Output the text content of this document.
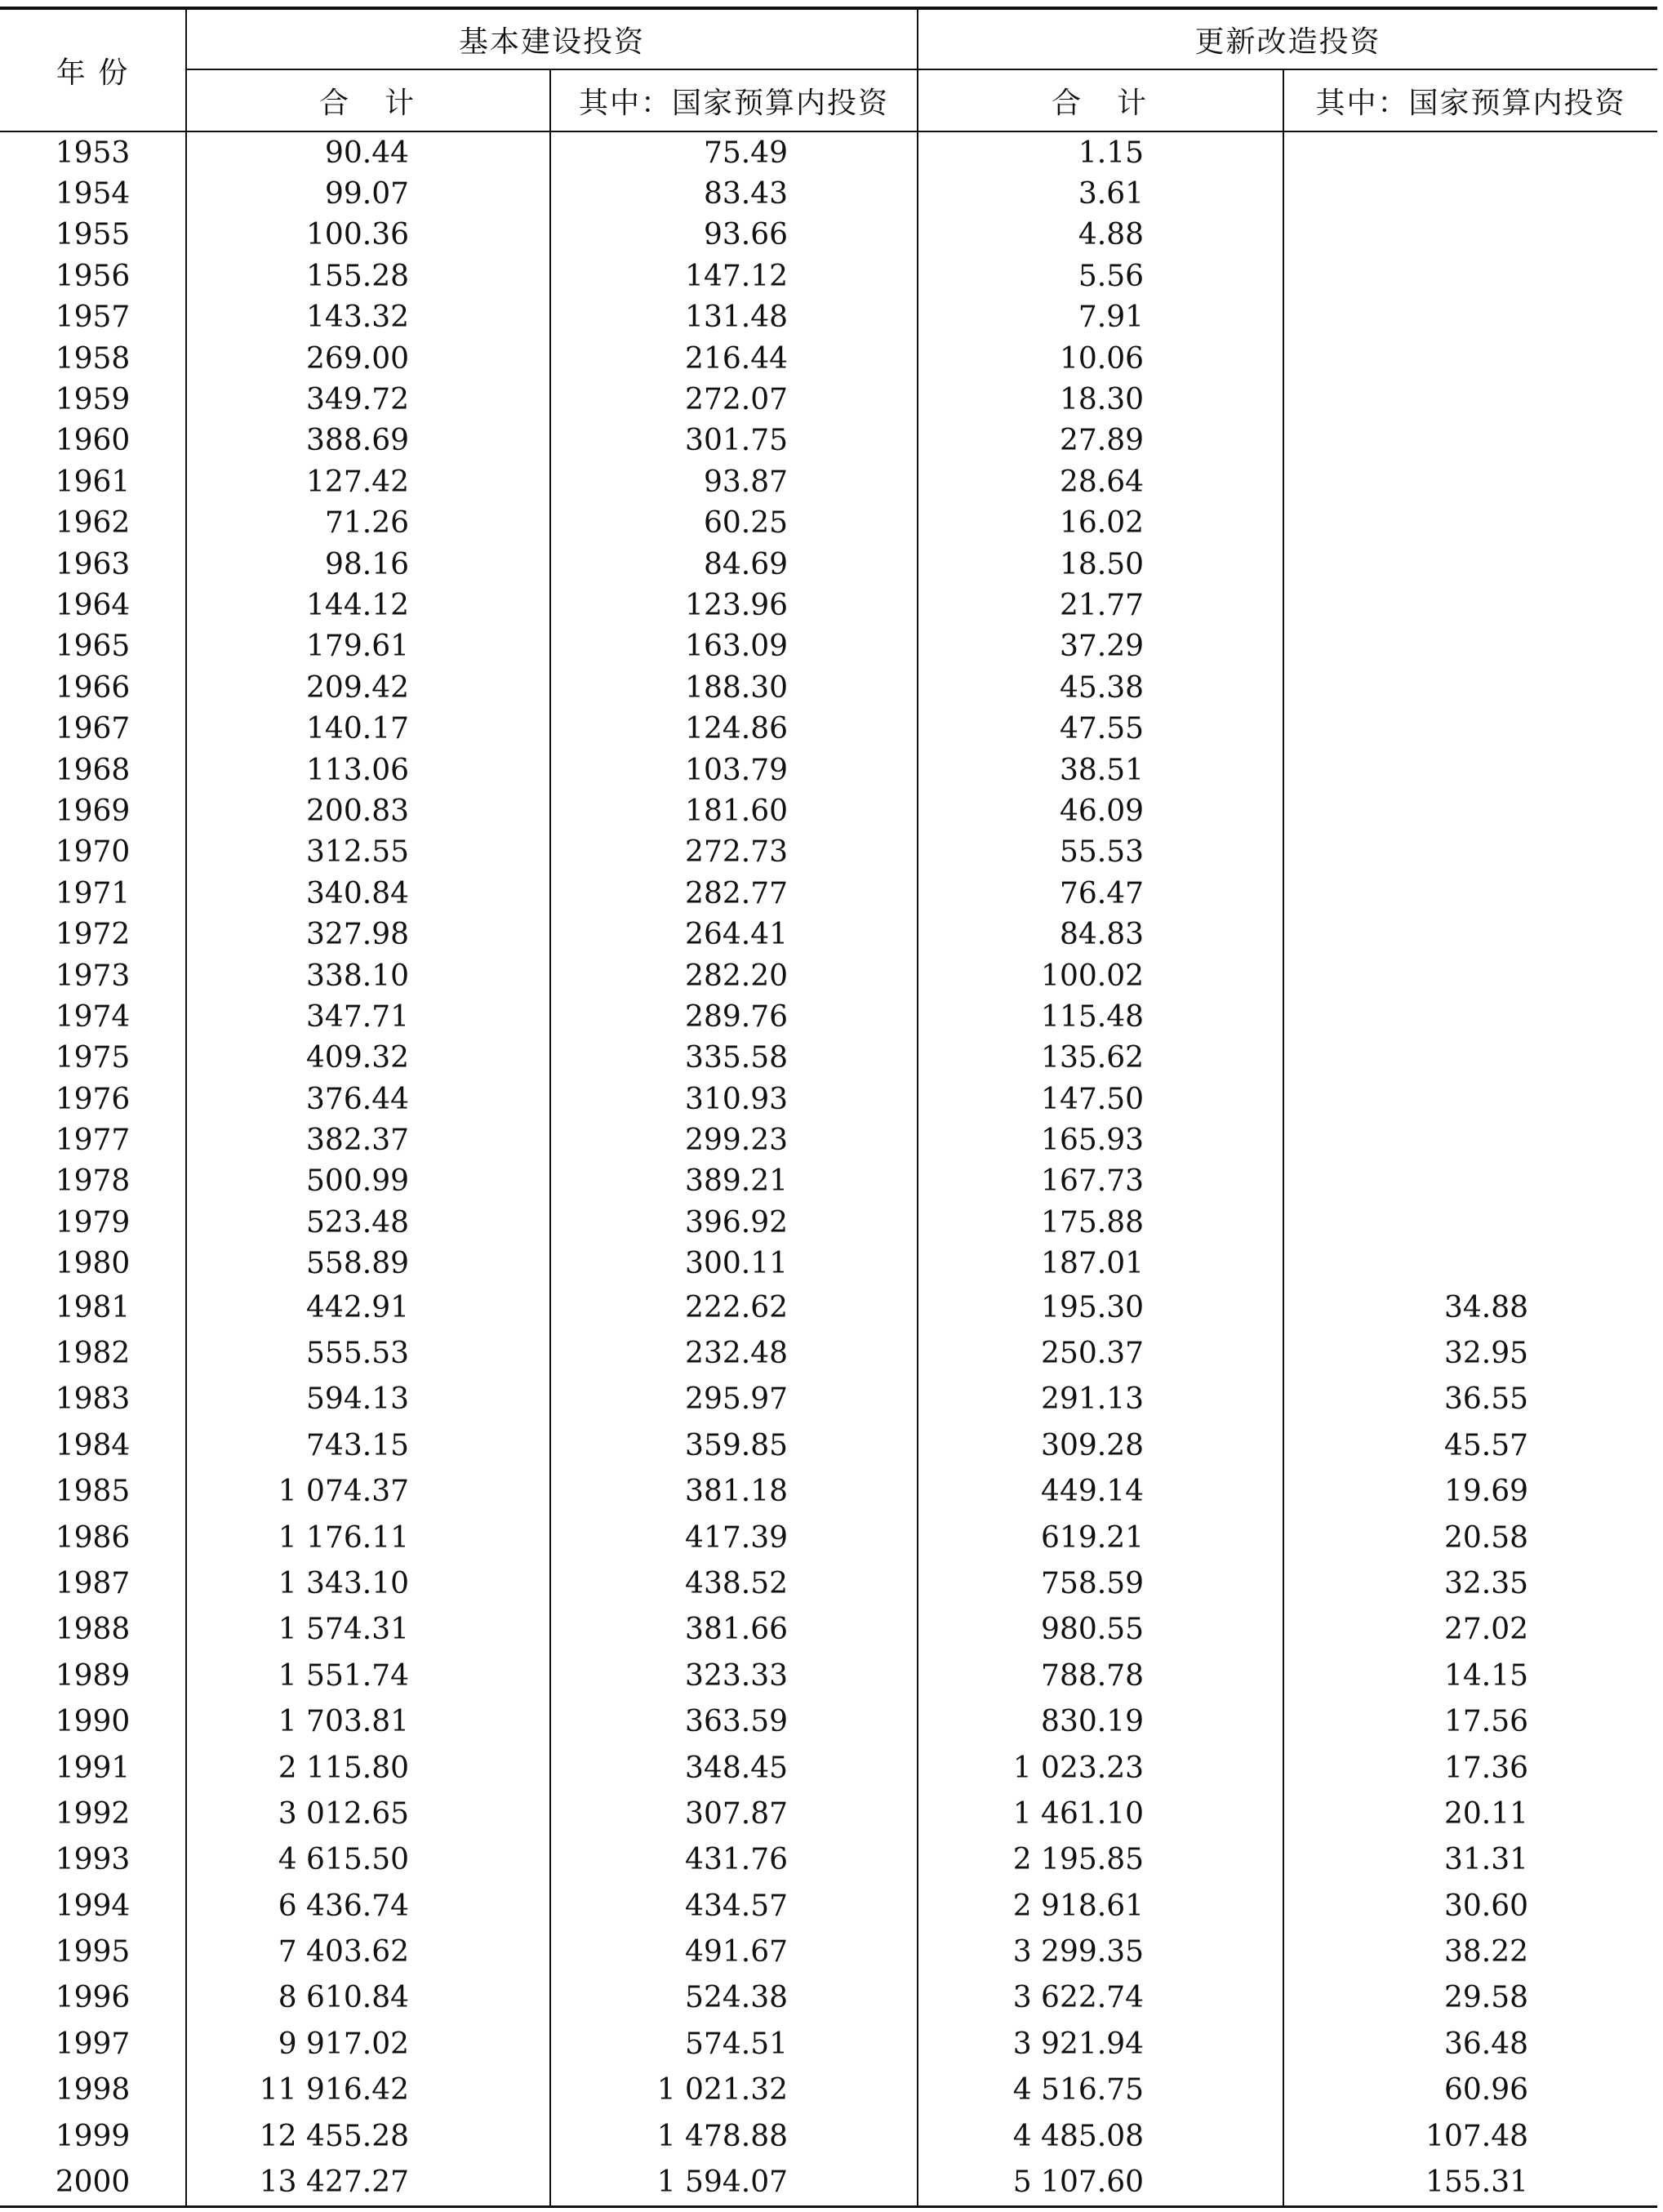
年 份	基本建设投资		更新改造投资	
	合计	其中：国家预算内投资	合计	其中：国家预算内投资
1953	90.44	75.49	1.15	
1954	99.07	83.43	3.61	
1955	100.36	93.66	4.88	
1956	155.28	147.12	5.56	
1957	143.32	131.48	7.91	
1958	269.00	216.44	10.06	
1959	349.72	272.07	18.30	
1960	388.69	301.75	27.89	
1961	127.42	93.87	28.64	
1962	71.26	60.25	16.02	
1963	98.16	84.69	18.50	
1964	144.12	123.96	21.77	
1965	179.61	163.09	37.29	
1966	209.42	188.30	45.38	
1967	140.17	124.86	47.55	
1968	113.06	103.79	38.51	
1969	200.83	181.60	46.09	
1970	312.55	272.73	55.53	
1971	340.84	282.77	76.47	
1972	327.98	264.41	84.83	
1973	338.10	282.20	100.02	
1974	347.71	289.76	115.48	
1975	409.32	335.58	135.62	
1976	376.44	310.93	147.50	
1977	382.37	299.23	165.93	
1978	500.99	389.21	167.73	
1979	523.48	396.92	175.88	
1980	558.89	300.11	187.01	
1981	442.91	222.62	195.30	34.88
1982	555.53	232.48	250.37	32.95
1983	594.13	295.97	291.13	36.55
1984	743.15	359.85	309.28	45.57
1985	1 074.37	381.18	449.14	19.69
1986	1 176.11	417.39	619.21	20.58
1987	1 343.10	438.52	758.59	32.35
1988	1 574.31	381.66	980.55	27.02
1989	1 551.74	323.33	788.78	14.15
1990	1 703.81	363.59	830.19	17.56
1991	2 115.80	348.45	1 023.23	17.36
1992	3 012.65	307.87	1 461.10	20.11
1993	4 615.50	431.76	2 195.85	31.31
1994	6 436.74	434.57	2 918.61	30.60
1995	7 403.62	491.67	3 299.35	38.22
1996	8 610.84	524.38	3 622.74	29.58
1997	9 917.02	574.51	3 921.94	36.48
1998	11 916.42	1 021.32	4 516.75	60.96
1999	12 455.28	1 478.88	4 485.08	107.48
2000	13 427.27	1 594.07	5 107.60	155.31
